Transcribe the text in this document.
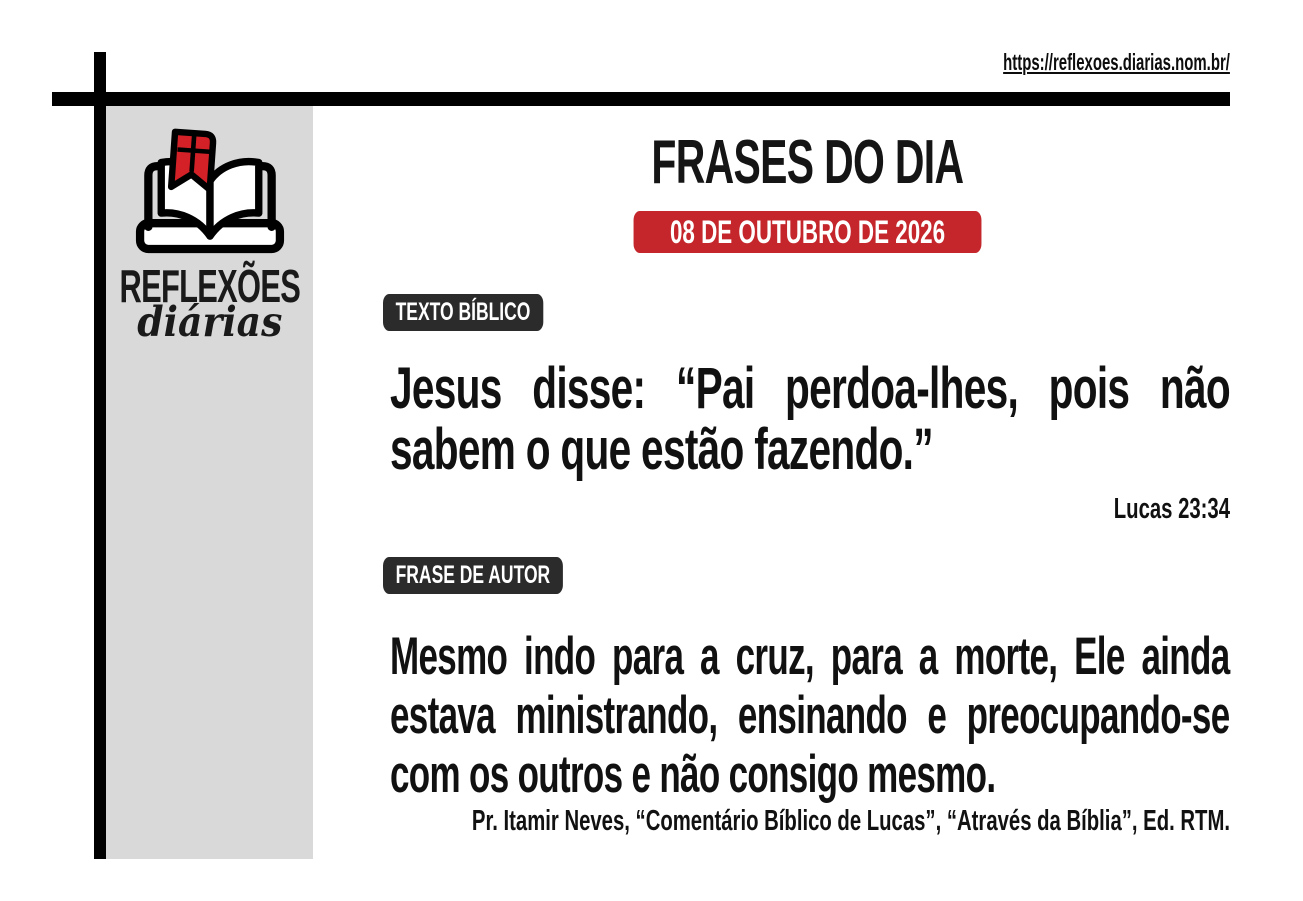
https://reflexoes.diarias.nom.br/
REFLEXÕES
diárias
FRASES DO DIA
08 DE OUTUBRO DE 2026
TEXTO BÍBLICO
Jesus disse: “Pai perdoa-lhes, pois não sabem o que estão fazendo.”
Lucas 23:34
FRASE DE AUTOR
Mesmo indo para a cruz, para a morte, Ele ainda estava ministrando, ensinando e preocupando-se com os outros e não consigo mesmo.
Pr. Itamir Neves, “Comentário Bíblico de Lucas”, “Através da Bíblia”, Ed. RTM.
